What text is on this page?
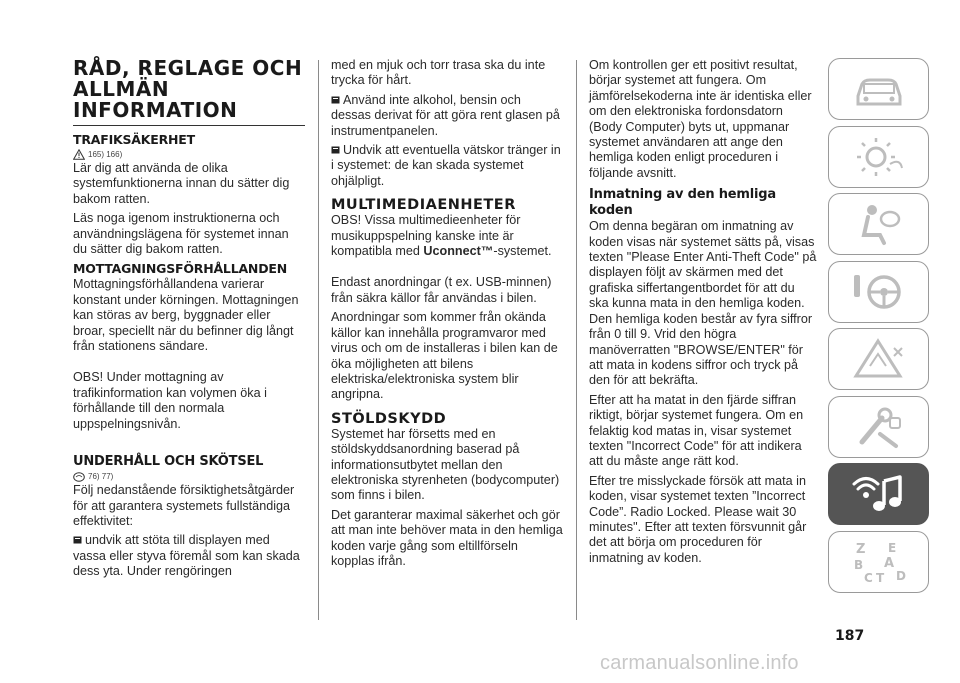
RÅD, REGLAGE OCH ALLMÄN INFORMATION
TRAFIKSÄKERHET
165) 166)

Lär dig att använda de olika systemfunktionerna innan du sätter dig bakom ratten.

Läs noga igenom instruktionerna och användningslägena för systemet innan du sätter dig bakom ratten.

MOTTAGNINGSFÖRHÅLLANDEN

Mottagningsförhållandena varierar konstant under körningen. Mottagningen kan störas av berg, byggnader eller broar, speciellt när du befinner dig långt från stationens sändare.

OBS! Under mottagning av trafikinformation kan volymen öka i förhållande till den normala uppspelningsnivån.

UNDERHÅLL OCH SKÖTSEL
76) 77)

Följ nedanstående försiktighetsåtgärder för att garantera systemets fullständiga effektivitet:

undvik att stöta till displayen med vassa eller styva föremål som kan skada dess yta. Under rengöringen

med en mjuk och torr trasa ska du inte trycka för hårt.

Använd inte alkohol, bensin och dessas derivat för att göra rent glasen på instrumentpanelen.

Undvik att eventuella vätskor tränger in i systemet: de kan skada systemet ohjälpligt.

MULTIMEDIAENHETER

OBS! Vissa multimedieenheter för musikuppspelning kanske inte är kompatibla med Uconnect™-systemet.

Endast anordningar (t ex. USB-minnen) från säkra källor får användas i bilen.

Anordningar som kommer från okända källor kan innehålla programvaror med virus och om de installeras i bilen kan de öka möjligheten att bilens elektriska/elektroniska system blir angripna.

STÖLDSKYDD

Systemet har försetts med en stöldskyddsanordning baserad på informationsutbytet mellan den elektroniska styrenheten (bodycomputer) som finns i bilen.

Det garanterar maximal säkerhet och gör att man inte behöver mata in den hemliga koden varje gång som eltillförseln kopplas ifrån.

Om kontrollen ger ett positivt resultat, börjar systemet att fungera. Om jämförelsekoderna inte är identiska eller om den elektroniska fordonsdatorn (Body Computer) byts ut, uppmanar systemet användaren att ange den hemliga koden enligt proceduren i följande avsnitt.

Inmatning av den hemliga koden

Om denna begäran om inmatning av koden visas när systemet sätts på, visas texten "Please Enter Anti-Theft Code" på displayen följt av skärmen med det grafiska siffertangentbordet för att du ska kunna mata in den hemliga koden. Den hemliga koden består av fyra siffror från 0 till 9. Vrid den högra manöverratten "BROWSE/ENTER" för att mata in kodens siffror och tryck på den för att bekräfta.

Efter att ha matat in den fjärde siffran riktigt, börjar systemet fungera. Om en felaktig kod matas in, visar systemet texten "Incorrect Code" för att indikera att du måste ange rätt kod.

Efter tre misslyckade försök att mata in koden, visar systemet texten ”Incorrect Code”. Radio Locked. Please wait 30 minutes". Efter att texten försvunnit går det att börja om proceduren för inmatning av koden.

Z E
B A
C T D
187
carmanualsonline.info
